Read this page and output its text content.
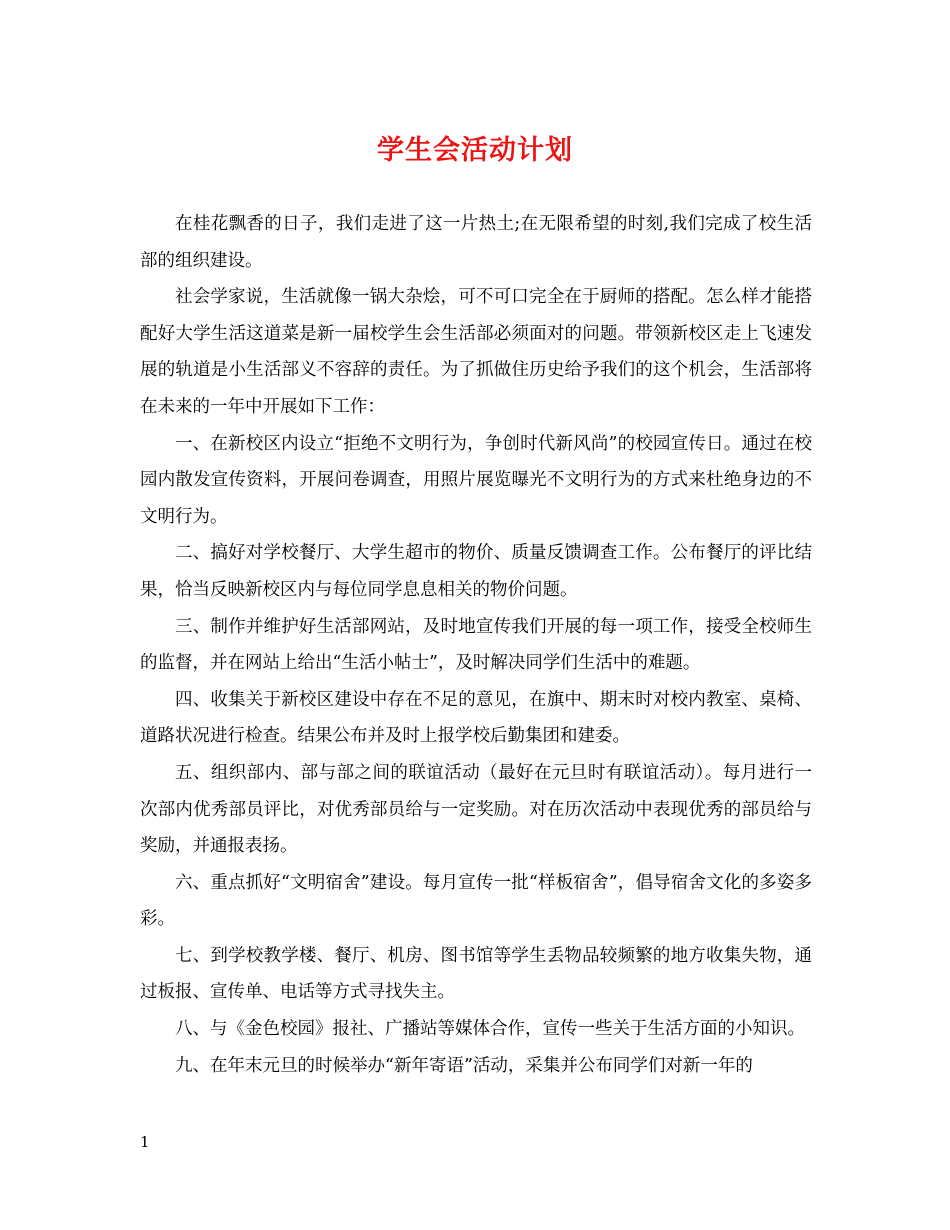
学生会活动计划

在桂花飘香的日子，我们走进了这一片热土;在无限希望的时刻,我们完成了校生活部的组织建设。

社会学家说，生活就像一锅大杂烩，可不可口完全在于厨师的搭配。怎么样才能搭配好大学生活这道菜是新一届校学生会生活部必须面对的问题。带领新校区走上飞速发展的轨道是小生活部义不容辞的责任。为了抓做住历史给予我们的这个机会，生活部将在未来的一年中开展如下工作：

一、在新校区内设立“拒绝不文明行为，争创时代新风尚”的校园宣传日。通过在校园内散发宣传资料，开展问卷调查，用照片展览曝光不文明行为的方式来杜绝身边的不文明行为。

二、搞好对学校餐厅、大学生超市的物价、质量反馈调查工作。公布餐厅的评比结果，恰当反映新校区内与每位同学息息相关的物价问题。

三、制作并维护好生活部网站，及时地宣传我们开展的每一项工作，接受全校师生的监督，并在网站上给出“生活小帖士”，及时解决同学们生活中的难题。

四、收集关于新校区建设中存在不足的意见，在旗中、期末时对校内教室、桌椅、道路状况进行检查。结果公布并及时上报学校后勤集团和建委。

五、组织部内、部与部之间的联谊活动（最好在元旦时有联谊活动）。每月进行一次部内优秀部员评比，对优秀部员给与一定奖励。对在历次活动中表现优秀的部员给与奖励，并通报表扬。

六、重点抓好“文明宿舍”建设。每月宣传一批“样板宿舍”，倡导宿舍文化的多姿多彩。

七、到学校教学楼、餐厅、机房、图书馆等学生丢物品较频繁的地方收集失物，通过板报、宣传单、电话等方式寻找失主。

八、与《金色校园》报社、广播站等媒体合作，宣传一些关于生活方面的小知识。

九、在年末元旦的时候举办“新年寄语”活动，采集并公布同学们对新一年的

1
